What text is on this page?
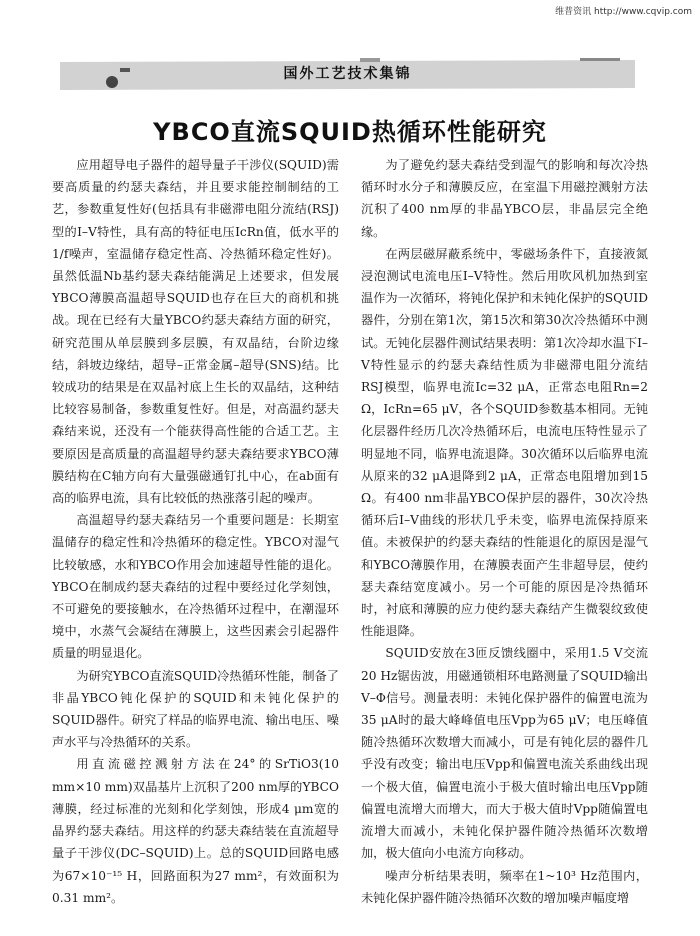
维普资讯 http://www.cqvip.com
国外工艺技术集锦
YBCO直流SQUID热循环性能研究

应用超导电子器件的超导量子干涉仪(SQUID)需要高质量的约瑟夫森结，并且要求能控制制结的工艺，参数重复性好(包括具有非磁滞电阻分流结(RSJ)型的I–V特性，具有高的特征电压IcRn值，低水平的1/f噪声，室温储存稳定性高、冷热循环稳定性好)。虽然低温Nb基约瑟夫森结能满足上述要求，但发展YBCO薄膜高温超导SQUID也存在巨大的商机和挑战。现在已经有大量YBCO约瑟夫森结方面的研究，研究范围从单层膜到多层膜，有双晶结，台阶边缘结，斜坡边缘结，超导–正常金属–超导(SNS)结。比较成功的结果是在双晶衬底上生长的双晶结，这种结比较容易制备，参数重复性好。但是，对高温约瑟夫森结来说，还没有一个能获得高性能的合适工艺。主要原因是高质量的高温超导约瑟夫森结要求YBCO薄膜结构在C轴方向有大量强磁通钉扎中心，在ab面有高的临界电流，具有比较低的热涨落引起的噪声。

高温超导约瑟夫森结另一个重要问题是：长期室温储存的稳定性和冷热循环的稳定性。YBCO对湿气比较敏感，水和YBCO作用会加速超导性能的退化。YBCO在制成约瑟夫森结的过程中要经过化学刻蚀，不可避免的要接触水，在冷热循环过程中，在潮湿环境中，水蒸气会凝结在薄膜上，这些因素会引起器件质量的明显退化。

为研究YBCO直流SQUID冷热循环性能，制备了非晶YBCO钝化保护的SQUID和未钝化保护的SQUID器件。研究了样品的临界电流、输出电压、噪声水平与冷热循环的关系。

用直流磁控溅射方法在24°的SrTiO3(10 mm×10 mm)双晶基片上沉积了200 nm厚的YBCO薄膜，经过标准的光刻和化学刻蚀，形成4 μm宽的晶界约瑟夫森结。用这样的约瑟夫森结装在直流超导量子干涉仪(DC–SQUID)上。总的SQUID回路电感为67×10⁻¹⁵ H，回路面积为27 mm²，有效面积为0.31 mm²。

为了避免约瑟夫森结受到湿气的影响和每次冷热循环时水分子和薄膜反应，在室温下用磁控溅射方法沉积了400 nm厚的非晶YBCO层，非晶层完全绝缘。

在两层磁屏蔽系统中，零磁场条件下，直接液氮浸泡测试电流电压I–V特性。然后用吹风机加热到室温作为一次循环，将钝化保护和未钝化保护的SQUID器件，分别在第1次，第15次和第30次冷热循环中测试。无钝化层器件测试结果表明：第1次冷却水温下I–V特性显示的约瑟夫森结性质为非磁滞电阻分流结RSJ模型，临界电流Ic=32 μA，正常态电阻Rn=2 Ω，IcRn=65 μV，各个SQUID参数基本相同。无钝化层器件经历几次冷热循环后，电流电压特性显示了明显地不同，临界电流退降。30次循环以后临界电流从原来的32 μA退降到2 μA，正常态电阻增加到15 Ω。有400 nm非晶YBCO保护层的器件，30次冷热循环后I–V曲线的形状几乎未变，临界电流保持原来值。未被保护的约瑟夫森结的性能退化的原因是湿气和YBCO薄膜作用，在薄膜表面产生非超导层，使约瑟夫森结宽度减小。另一个可能的原因是冷热循环时，衬底和薄膜的应力使约瑟夫森结产生微裂纹致使性能退降。

SQUID安放在3匝反馈线圈中，采用1.5 V交流20 Hz锯齿波，用磁通锁相环电路测量了SQUID输出V–Φ信号。测量表明：未钝化保护器件的偏置电流为35 μA时的最大峰峰值电压Vpp为65 μV；电压峰值随冷热循环次数增大而减小，可是有钝化层的器件几乎没有改变；输出电压Vpp和偏置电流关系曲线出现一个极大值，偏置电流小于极大值时输出电压Vpp随偏置电流增大而增大，而大于极大值时Vpp随偏置电流增大而减小，未钝化保护器件随冷热循环次数增加，极大值向小电流方向移动。

噪声分析结果表明，频率在1~10³ Hz范围内，未钝化保护器件随冷热循环次数的增加噪声幅度增
